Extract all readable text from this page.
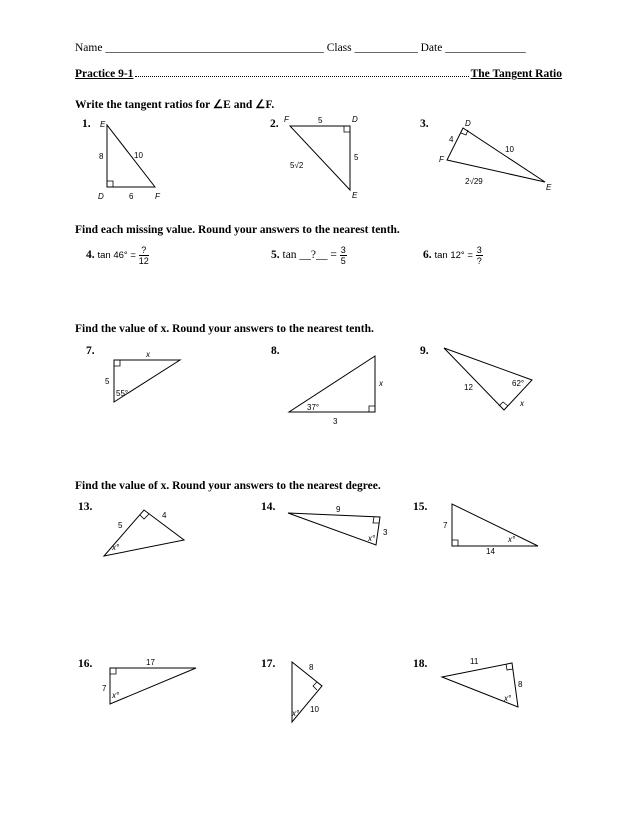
Name ______________________________________ Class ___________ Date ______________
Practice 9-1	The Tangent Ratio
Write the tangent ratios for ∠E and ∠F.
1.	2.	3.
E
D	F
8	10
6
F	D
E
5
5
5√2
D
F
E
4
10
2√29
Find each missing value. Round your answers to the nearest tenth.
4. $\tan 46^\circ = \frac{?}{12}$	5. tan __?__ = $\frac{3}{5}$	6. $\tan 12^\circ = \frac{3}{?}$
Find the value of x. Round your answers to the nearest tenth.
7.	8.	9.
x
5
55°
x
3
37°	x
12	62°
Find the value of x. Round your answers to the nearest degree.
13.	14.	15.
5
4
x°
9
3
x°
7
14
x°
16.	17.	18.
17
7
x°
8
10
x°
11
8
x°
